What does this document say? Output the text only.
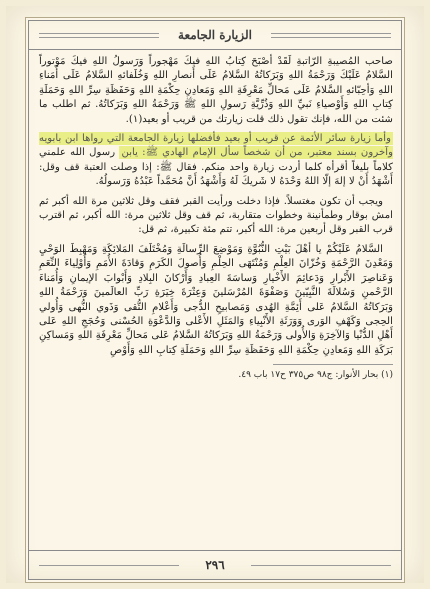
الزيارة الجامعة

صاحب المُصيبةِ الرّاتبةِ لَقَدْ أصْبَحَ كِتابُ اللهِ فيكَ مَهْجوراً وَرَسولُ اللهِ فيكَ مَوْتوراً السَّلامُ عَلَيْكَ وَرَحْمَةُ اللهِ وَبَرَكاتُهُ السَّلامُ عَلَى أَنصارِ اللهِ وَخُلَفائهِ السَّلامُ عَلَى أُمَناءِ اللهِ وَأحِبّائهِ السَّلامُ عَلَى مَحالِّ مَعْرِفَةِ اللهِ وَمَعادِنِ حِكْمَةِ اللهِ وَحَفَظَةِ سِرِّ اللهِ وَحَمَلَةِ كِتابِ اللهِ وَأَوْصياءِ نَبيِّ اللهِ وَذُرِّيَّةِ رَسولِ اللهِ ﷺ وَرَحْمَةُ اللهِ وَبَرَكاتُهُ. ثم اطلب ما شئت من الله، فإنك تقول ذلك قلت زيارتك من قريب أو بعيد(١).

وأما زيارة سائر الأئمة عن قريب أو بعيد فأفضلها زيارة الجامعة التي رواها ابن بابويه وآخرون بسند معتبر، من أن شخصاً سأل الإمام الهادي ﷺ: يابن رسول الله علمني كلاماً بليغاً أقرأه كلما أردت زيارة واحد منكم. فقال ﷺ: إذا وصلت العتبة قف وقل: أَشْهَدُ أَنْ لا إلهَ إلّا اللهُ وَحْدَهُ لا شَريكَ لَهُ وَأَشْهَدُ أَنَّ مُحَمَّداً عَبْدُهُ وَرَسولُهُ.

ويجب أن تكون مغتسلاً. فإذا دخلت ورأيت القبر فقف وقل ثلاثين مرة الله أكبر ثم امش بوقار وطمأنينة وخطوات متقاربة، ثم قف وقل ثلاثين مرة: الله أكبر، ثم اقترب قرب القبر وقل أربعين مرة: الله أكبر، تتم مئة تكبيرة، ثم قل:

السَّلامُ عَلَيْكُمْ يا أهْلَ بَيْتِ النُّبُوَّةِ وَمَوْضِعَ الرِّسالَةِ وَمُخْتَلَفَ المَلائِكَةِ وَمَهْبِطَ الوَحْيِ وَمَعْدِنَ الرَّحْمَةِ وَخُزّانَ العِلْمِ وَمُنْتَهَى الحِلْمِ وَأُصولَ الكَرَمِ وَقادَةَ الأُمَمِ وَأَوْلِياءَ النِّعَمِ وَعَناصِرَ الأَبْرارِ وَدَعائِمَ الأَخْيارِ وَساسَةَ العِبادِ وَأَرْكانَ البِلادِ وَأَبْوابَ الإيمانِ وَأُمَناءَ الرَّحْمنِ وَسُلالَةَ النَّبِيّينَ وَصَفْوَةَ المُرْسَلينَ وَعِتْرَةَ خِيَرَةِ رَبِّ العالَمينَ وَرَحْمَةُ اللهِ وَبَرَكاتُهُ السَّلامُ عَلى أَئِمَّةِ الهُدى وَمَصابيحِ الدُّجى وَأَعْلامِ التُّقى وَذَوي النُّهى وَأُولي الحِجى وَكَهْفِ الوَرى وَوَرَثَةِ الأَنْبِياءِ وَالمَثَلِ الأَعْلى وَالدَّعْوَةِ الحُسْنى وَحُجَجِ اللهِ عَلى أَهْلِ الدُّنْيا وَالآخِرَةِ وَالأُولى وَرَحْمَةُ اللهِ وَبَرَكاتُهُ السَّلامُ عَلى مَحالِّ مَعْرِفَةِ اللهِ وَمَساكِنِ بَرَكَةِ اللهِ وَمَعادِنِ حِكْمَةِ اللهِ وَحَفَظَةِ سِرِّ اللهِ وَحَمَلَةِ كِتابِ اللهِ وَأَوْصِ

(١) بحار الأنوار: ج٩٨ ص٣٧٥ ح١٧ باب ٤٩.
٢٩٦
